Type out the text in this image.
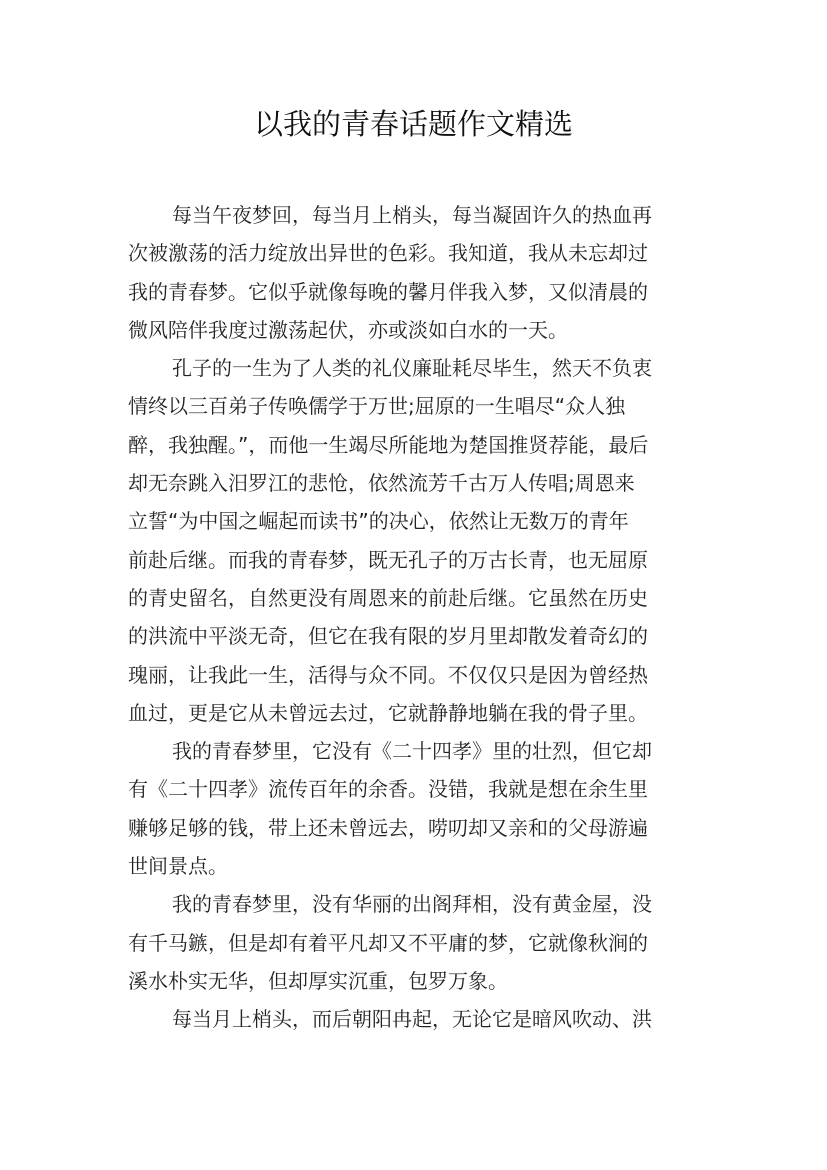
以我的青春话题作文精选
每当午夜梦回，每当月上梢头，每当凝固许久的热血再
次被激荡的活力绽放出异世的色彩。我知道，我从未忘却过
我的青春梦。它似乎就像每晚的馨月伴我入梦，又似清晨的
微风陪伴我度过激荡起伏，亦或淡如白水的一天。
孔子的一生为了人类的礼仪廉耻耗尽毕生，然天不负衷
情终以三百弟子传唤儒学于万世;屈原的一生唱尽“众人独
醉，我独醒。”，而他一生竭尽所能地为楚国推贤荐能，最后
却无奈跳入汨罗江的悲怆，依然流芳千古万人传唱;周恩来
立誓“为中国之崛起而读书”的决心，依然让无数万的青年
前赴后继。而我的青春梦，既无孔子的万古长青，也无屈原
的青史留名，自然更没有周恩来的前赴后继。它虽然在历史
的洪流中平淡无奇，但它在我有限的岁月里却散发着奇幻的
瑰丽，让我此一生，活得与众不同。不仅仅只是因为曾经热
血过，更是它从未曾远去过，它就静静地躺在我的骨子里。
我的青春梦里，它没有《二十四孝》里的壮烈，但它却
有《二十四孝》流传百年的余香。没错，我就是想在余生里
赚够足够的钱，带上还未曾远去，唠叨却又亲和的父母游遍
世间景点。
我的青春梦里，没有华丽的出阁拜相，没有黄金屋，没
有千马鏃，但是却有着平凡却又不平庸的梦，它就像秋涧的
溪水朴实无华，但却厚实沉重，包罗万象。
每当月上梢头，而后朝阳冉起，无论它是暗风吹动、洪
